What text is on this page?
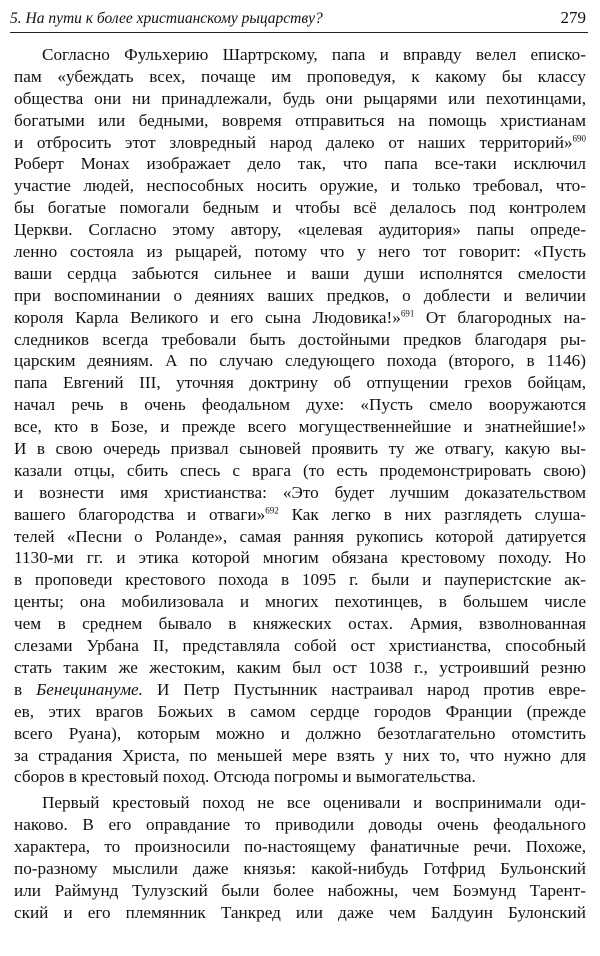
5. На пути к более христианскому рыцарству?	279
Согласно Фульхерию Шартрскому, папа и вправду велел еписко-
пам «убеждать всех, почаще им проповедуя, к какому бы классу
общества они ни принадлежали, будь они рыцарями или пехотинцами,
богатыми или бедными, вовремя отправиться на помощь христианам
и отбросить этот зловредный народ далеко от наших территорий»$^{690}$
Роберт Монах изображает дело так, что папа все-таки исключил
участие людей, неспособных носить оружие, и только требовал, что-
бы богатые помогали бедным и чтобы всё делалось под контролем
Церкви. Согласно этому автору, «целевая аудитория» папы опреде-
ленно состояла из рыцарей, потому что у него тот говорит: «Пусть
ваши сердца забьются сильнее и ваши души исполнятся смелости
при воспоминании о деяниях ваших предков, о доблести и величии
короля Карла Великого и его сына Людовика!»$^{691}$ От благородных на-
следников всегда требовали быть достойными предков благодаря ры-
царским деяниям. А по случаю следующего похода (второго, в 1146)
папа Евгений III, уточняя доктрину об отпущении грехов бойцам,
начал речь в очень феодальном духе: «Пусть смело вооружаются
все, кто в Бозе, и прежде всего могущественнейшие и знатнейшие!»
И в свою очередь призвал сыновей проявить ту же отвагу, какую вы-
казали отцы, сбить спесь с врага (то есть продемонстрировать свою)
и вознести имя христианства: «Это будет лучшим доказательством
вашего благородства и отваги»$^{692}$ Как легко в них разглядеть слуша-
телей «Песни о Роланде», самая ранняя рукопись которой датируется
1130-ми гг. и этика которой многим обязана крестовому походу. Но
в проповеди крестового похода в 1095 г. были и пауперистские ак-
центы; она мобилизовала и многих пехотинцев, в большем числе
чем в среднем бывало в княжеских остах. Армия, взволнованная
слезами Урбана II, представляла собой ост христианства, способный
стать таким же жестоким, каким был ост 1038 г., устроивший резню
в Бенецинануме. И Петр Пустынник настраивал народ против евре-
ев, этих врагов Божьих в самом сердце городов Франции (прежде
всего Руана), которым можно и должно безотлагательно отомстить
за страдания Христа, по меньшей мере взять у них то, что нужно для
сборов в крестовый поход. Отсюда погромы и вымогательства.
Первый крестовый поход не все оценивали и воспринимали оди-
наково. В его оправдание то приводили доводы очень феодального
характера, то произносили по-настоящему фанатичные речи. Похоже,
по-разному мыслили даже князья: какой-нибудь Готфрид Бульонский
или Раймунд Тулузский были более набожны, чем Боэмунд Тарент-
ский и его племянник Танкред или даже чем Балдуин Булонский
